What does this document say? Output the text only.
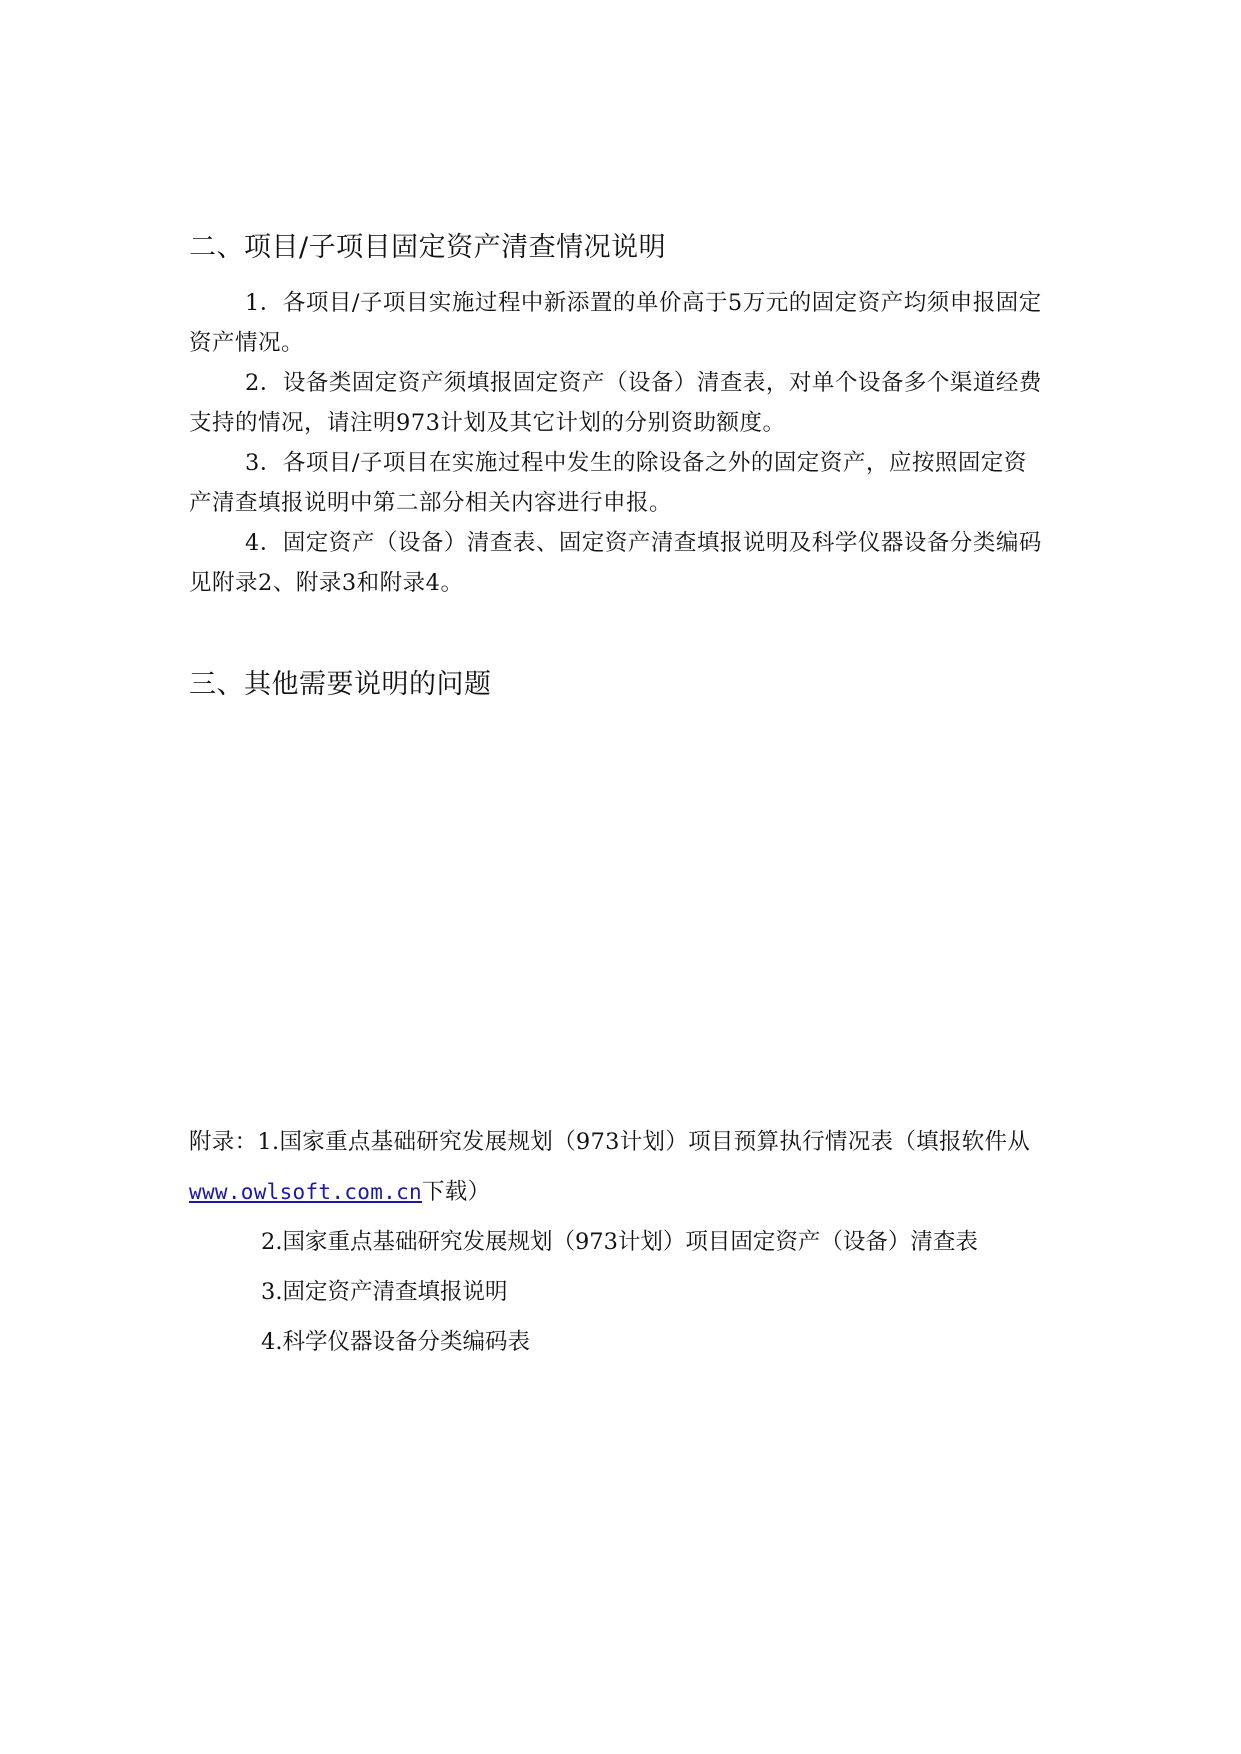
二、项目/子项目固定资产清查情况说明

1．各项目/子项目实施过程中新添置的单价高于5万元的固定资产均须申报固定资产情况。

2．设备类固定资产须填报固定资产（设备）清查表，对单个设备多个渠道经费支持的情况，请注明973计划及其它计划的分别资助额度。

3．各项目/子项目在实施过程中发生的除设备之外的固定资产，应按照固定资产清查填报说明中第二部分相关内容进行申报。

4．固定资产（设备）清查表、固定资产清查填报说明及科学仪器设备分类编码见附录2、附录3和附录4。

三、其他需要说明的问题

附录：1.国家重点基础研究发展规划（973计划）项目预算执行情况表（填报软件从www.owlsoft.com.cn下载）

2.国家重点基础研究发展规划（973计划）项目固定资产（设备）清查表
3.固定资产清查填报说明
4.科学仪器设备分类编码表
